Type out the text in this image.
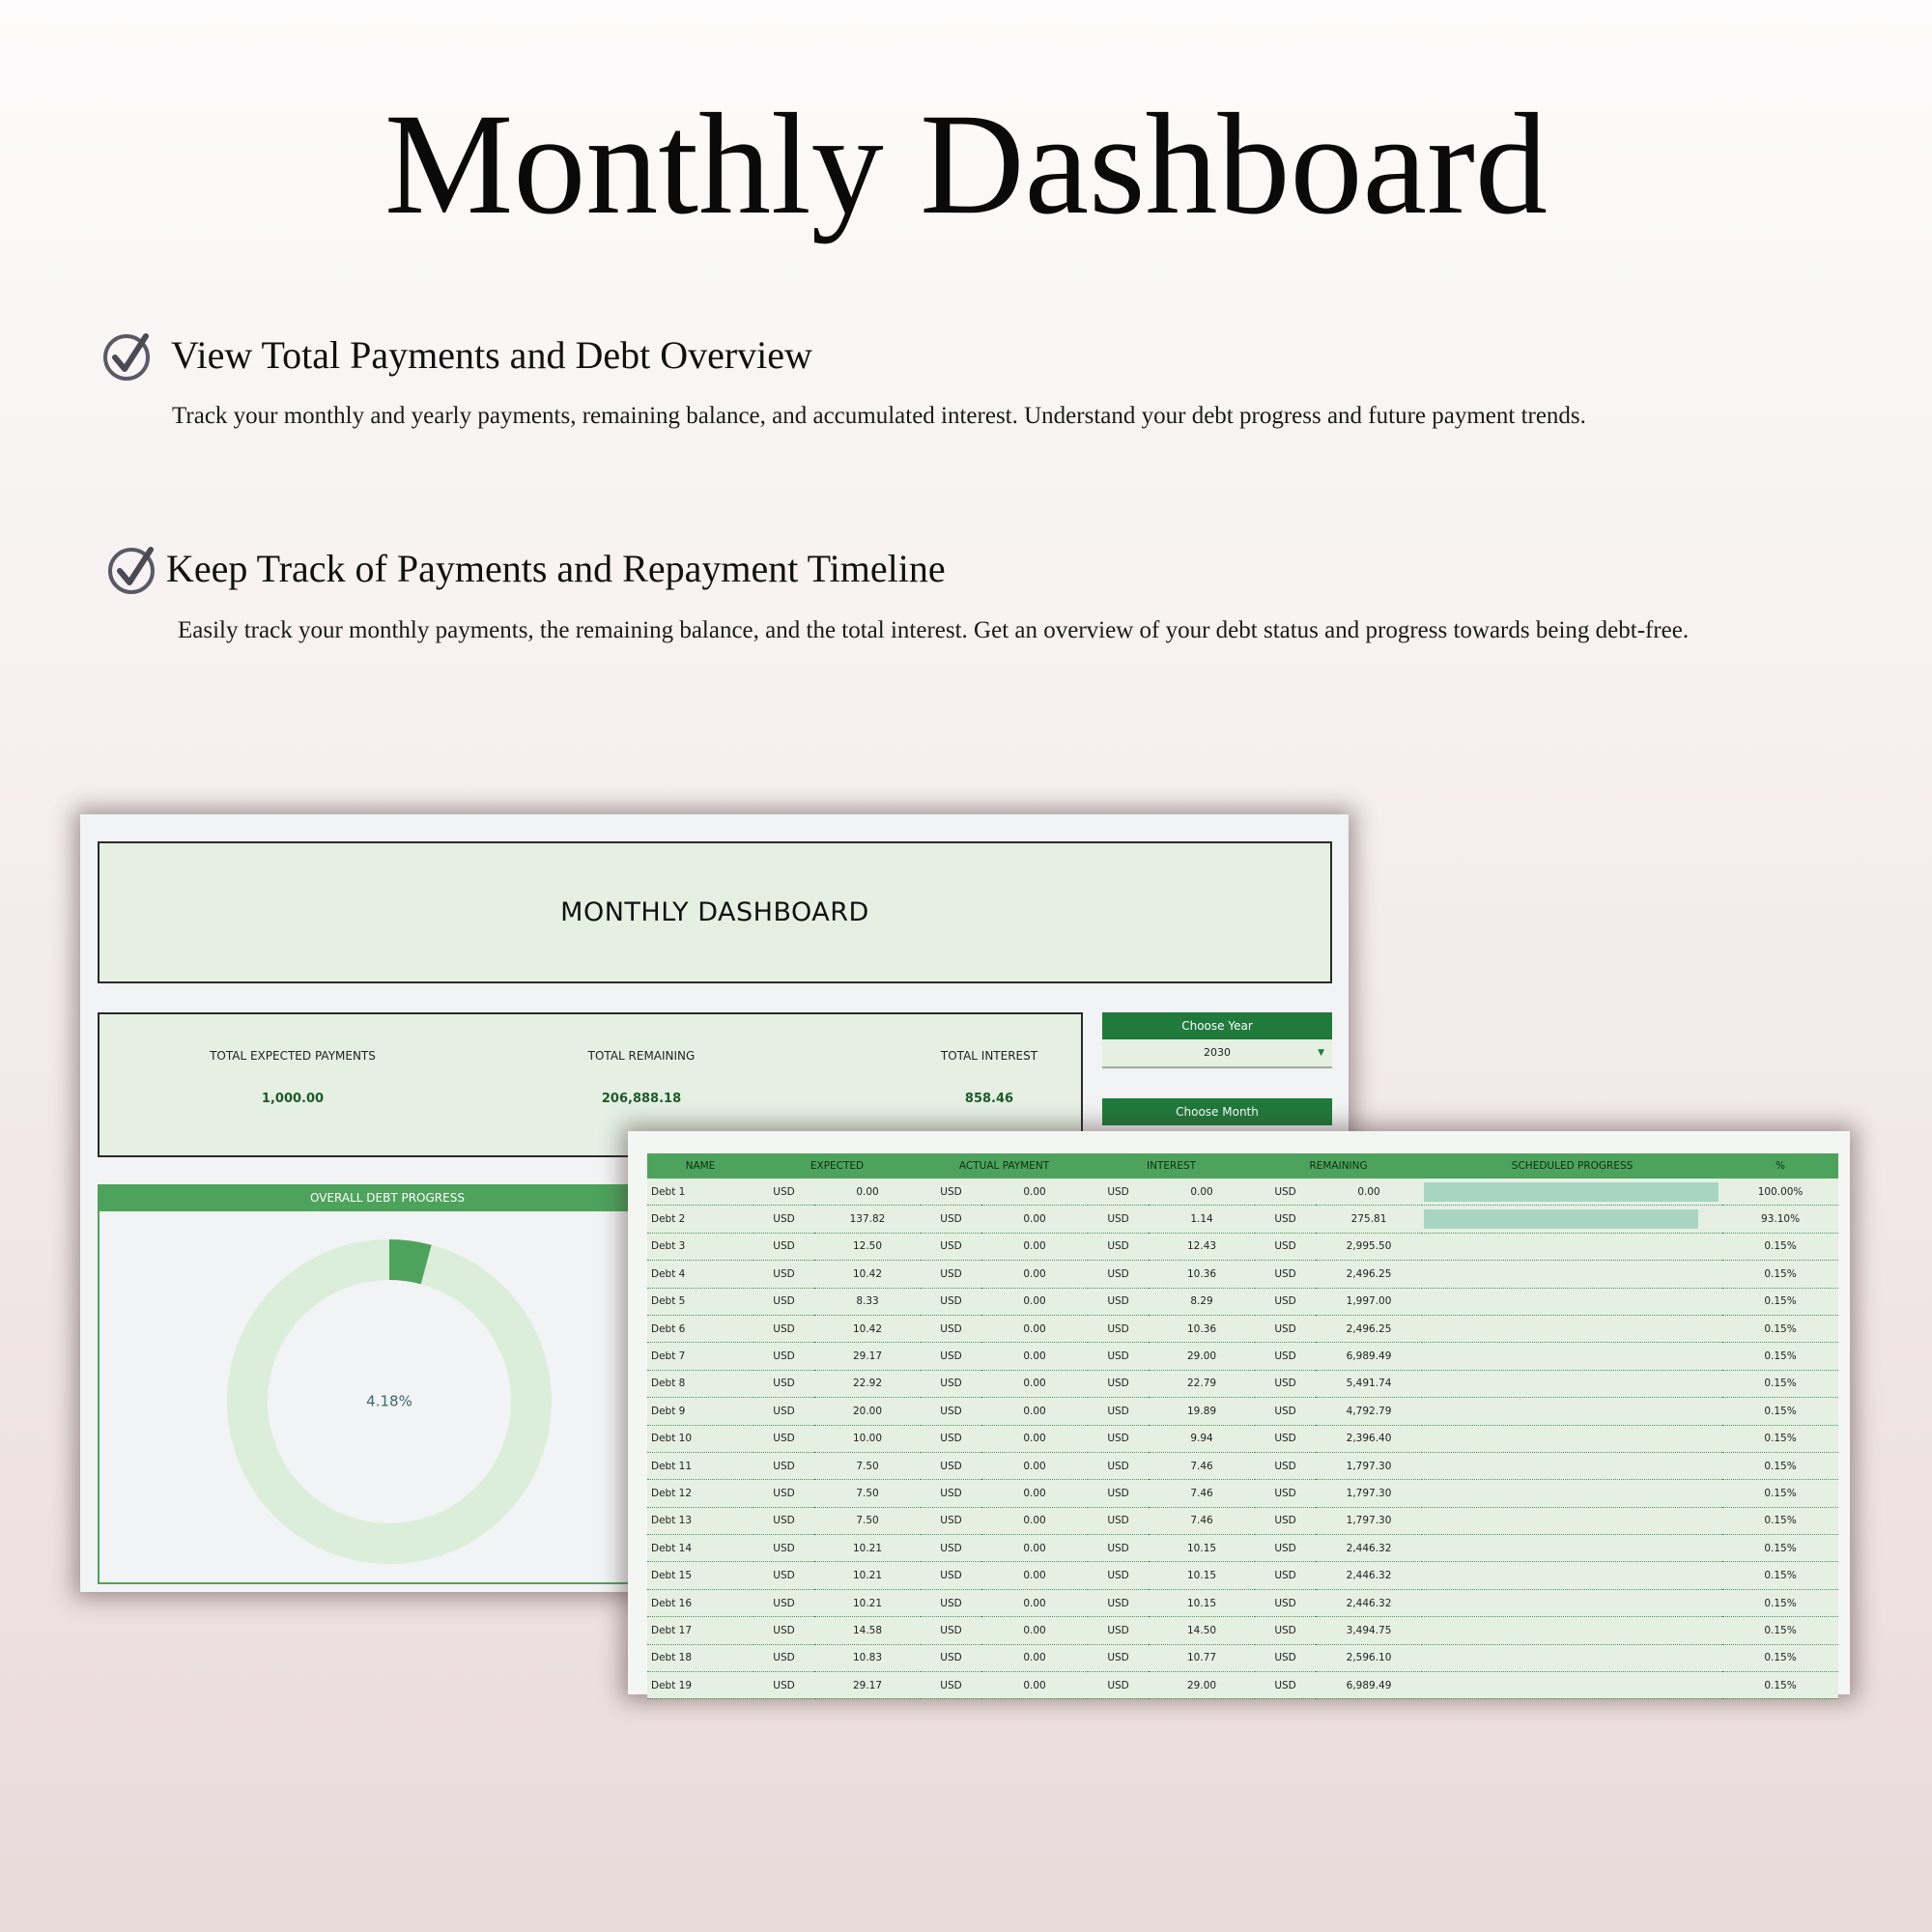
Monthly Dashboard
View Total Payments and Debt Overview
Track your monthly and yearly payments, remaining balance, and accumulated interest. Understand your debt progress and future payment trends.
Keep Track of Payments and Repayment Timeline
Easily track your monthly payments, the remaining balance, and the total interest. Get an overview of your debt status and progress towards being debt-free.
MONTHLY DASHBOARD
TOTAL EXPECTED PAYMENTS
1,000.00
TOTAL REMAINING
206,888.18
TOTAL INTEREST
858.46
Choose Year
2030	▼
Choose Month
OVERALL DEBT PROGRESS
4.18%
NAME	EXPECTED		ACTUAL PAYMENT		INTEREST		REMAINING		SCHEDULED PROGRESS	%
Debt 1	USD	0.00	USD	0.00	USD	0.00	USD	0.00		100.00%
Debt 2	USD	137.82	USD	0.00	USD	1.14	USD	275.81		93.10%
Debt 3	USD	12.50	USD	0.00	USD	12.43	USD	2,995.50		0.15%
Debt 4	USD	10.42	USD	0.00	USD	10.36	USD	2,496.25		0.15%
Debt 5	USD	8.33	USD	0.00	USD	8.29	USD	1,997.00		0.15%
Debt 6	USD	10.42	USD	0.00	USD	10.36	USD	2,496.25		0.15%
Debt 7	USD	29.17	USD	0.00	USD	29.00	USD	6,989.49		0.15%
Debt 8	USD	22.92	USD	0.00	USD	22.79	USD	5,491.74		0.15%
Debt 9	USD	20.00	USD	0.00	USD	19.89	USD	4,792.79		0.15%
Debt 10	USD	10.00	USD	0.00	USD	9.94	USD	2,396.40		0.15%
Debt 11	USD	7.50	USD	0.00	USD	7.46	USD	1,797.30		0.15%
Debt 12	USD	7.50	USD	0.00	USD	7.46	USD	1,797.30		0.15%
Debt 13	USD	7.50	USD	0.00	USD	7.46	USD	1,797.30		0.15%
Debt 14	USD	10.21	USD	0.00	USD	10.15	USD	2,446.32		0.15%
Debt 15	USD	10.21	USD	0.00	USD	10.15	USD	2,446.32		0.15%
Debt 16	USD	10.21	USD	0.00	USD	10.15	USD	2,446.32		0.15%
Debt 17	USD	14.58	USD	0.00	USD	14.50	USD	3,494.75		0.15%
Debt 18	USD	10.83	USD	0.00	USD	10.77	USD	2,596.10		0.15%
Debt 19	USD	29.17	USD	0.00	USD	29.00	USD	6,989.49		0.15%
